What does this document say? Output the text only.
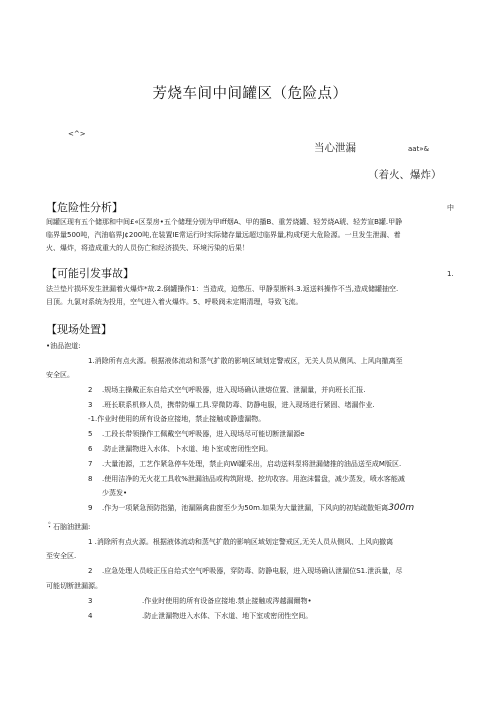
芳烧车间中间罐区（危险点）
<^>
当心泄漏	aat»&
（着火、爆炸）
【危险性分析】	中
间罐区现有五个储那和中间£«区泵房•五个储理分别为甲Iff烟A、甲的播B、重芳烧罐、轻芳烧A琥、轻芳宣B罐.甲静
临界量500吨，汽油临界J¢200吨,在装置IE常运行时实际储存量远超过临界量,构成f更大危险源。一旦发生泄漏、着
火、爆炸，将造成重大的人员伤亡和经济损失、环境污染的后果！
【可能引发事故】	1.
法兰垫片损坏发生泄漏着火爆炸*故.2.倒罐操作1：当造成，迫憋压、甲静泵断料.3.返送料操作不当,造成储罐抽空.
目顶。九氯对系统为投用，空气进入着火爆炸。5、呼吸阀未定期清理，导致飞流。
【现场处置】
•油品泡道:
1.消除所有点火源。根据液体流动和蒸气扩散的影响区域划定警戒区，无关人员从侧风、上风向撤离至
安全区。
2 .规场主操戴正东自给式空气呼吸器，进入现场确认泄熔位置、泄漏量，并向班长汇报.
3 .班长联系机修人员，携带防爆工具.穿微防毒、防静电服，进入现场进行紧固、堵漏作业.
-1.作业时使用的所有设备应接地，禁止接触或静遗漏物。
5 .工段长带领操作工佩戴空气呼吸器，进入现场尽可能切断泄漏源e
6 .防止泄漏物进入水体、卜水道、地卜室或密闭性空间。
7 .大量池源，工艺作紧急停车处理，禁止向Wi罐采出，启动送料泵将泄漏储推的油品送至成M版区.
8 .使用洁净的无火花工具收%泄漏油品或构筑附堤、挖坑收容。用泡沫髷盘，减少蒸发，喷水客能减
少蒸发•
9 .作为一项紧急预防指猫，池漏隔禽曲窗至少为50m.如果为大量泄漏，下风向的初始疏散矩离300m
。
・石脑油泄漏:
1 .消除所有点火源。根据液体流动和蒸气扩散的影响区域划定警戒区,无关人员从侧风、上风向撤离
至安全区.
2 .应急处理人员岐正压自给式空气呼吸器，穿防毒、防静电服，进入现场确认泄漏位S1.泄浜量，尽
可能切断泄漏源。
3	.作业时使用的所有设备应接地.禁止接触或涔越漏爾物•
4	.防止泄漏物进入水体、下水道、地下室或密闭性空间。
